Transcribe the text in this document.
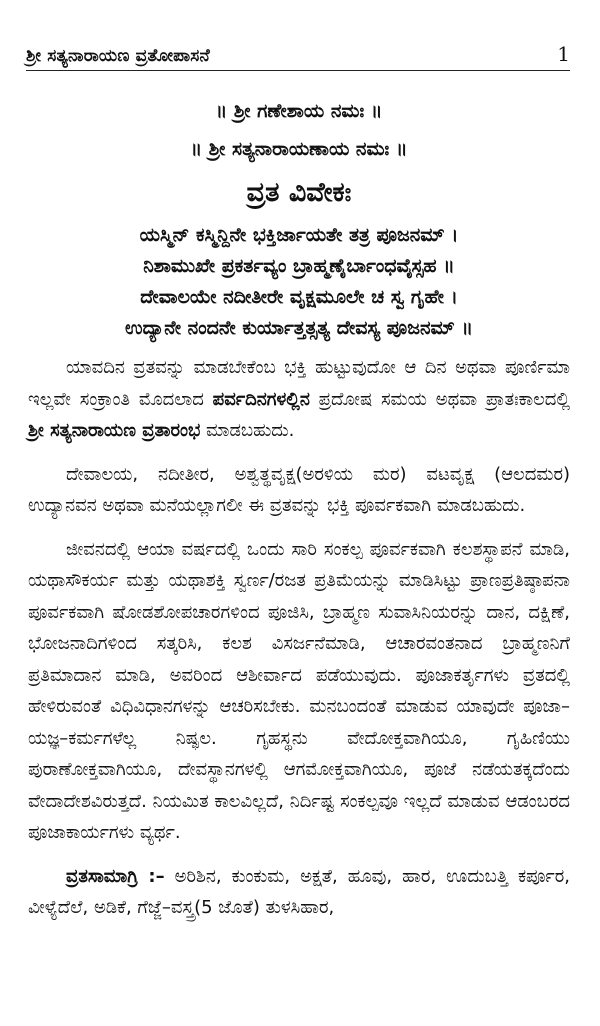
ಶ್ರೀ ಸತ್ಯನಾರಾಯಣ ವ್ರತೋಪಾಸನೆ	1
॥ ಶ್ರೀ ಗಣೇಶಾಯ ನಮಃ ॥
॥ ಶ್ರೀ ಸತ್ಯನಾರಾಯಣಾಯ ನಮಃ ॥
ವ್ರತ ವಿವೇಕಃ
ಯಸ್ಮಿನ್ ಕಸ್ಮಿನ್ದಿನೇ ಭಕ್ತಿರ್ಜಾಯತೇ ತತ್ರ ಪೂಜನಮ್ ।
ನಿಶಾಮುಖೇ ಪ್ರಕರ್ತವ್ಯಂ ಬ್ರಾಹ್ಮಣೈರ್ಬಾಂಧವೈಸ್ಸಹ ॥
ದೇವಾಲಯೇ ನದೀತೀರೇ ವೃಕ್ಷಮೂಲೇ ಚ ಸ್ವ ಗೃಹೇ ।
ಉದ್ಯಾನೇ ನಂದನೇ ಕುರ್ಯಾತ್ತತ್ಸತ್ಯ ದೇವಸ್ಯ ಪೂಜನಮ್ ॥

ಯಾವದಿನ ವ್ರತವನ್ನು ಮಾಡಬೇಕೆಂಬ ಭಕ್ತಿ ಹುಟ್ಟುವುದೋ ಆ ದಿನ ಅಥವಾ ಪೂರ್ಣಿಮಾ ಇಲ್ಲವೇ ಸಂಕ್ರಾಂತಿ ಮೊದಲಾದ ಪರ್ವದಿನಗಳಲ್ಲಿನ ಪ್ರದೋಷ ಸಮಯ ಅಥವಾ ಪ್ರಾತಃಕಾಲದಲ್ಲಿ ಶ್ರೀ ಸತ್ಯನಾರಾಯಣ ವ್ರತಾರಂಭ ಮಾಡಬಹುದು.

ದೇವಾಲಯ, ನದೀತೀರ, ಅಶ್ವತ್ಥವೃಕ್ಷ(ಅರಳಿಯ ಮರ) ವಟವೃಕ್ಷ (ಆಲದಮರ) ಉದ್ಯಾನವನ ಅಥವಾ ಮನೆಯಲ್ಲಾಗಲೀ ಈ ವ್ರತವನ್ನು ಭಕ್ತಿ ಪೂರ್ವಕವಾಗಿ ಮಾಡಬಹುದು.

ಜೀವನದಲ್ಲಿ ಆಯಾ ವರ್ಷದಲ್ಲಿ ಒಂದು ಸಾರಿ ಸಂಕಲ್ಪ ಪೂರ್ವಕವಾಗಿ ಕಲಶಸ್ಥಾಪನೆ ಮಾಡಿ, ಯಥಾಸೌಕರ್ಯ ಮತ್ತು ಯಥಾಶಕ್ತಿ ಸ್ವರ್ಣ/ರಜತ ಪ್ರತಿಮೆಯನ್ನು ಮಾಡಿಸಿಟ್ಟು ಪ್ರಾಣಪ್ರತಿಷ್ಠಾಪನಾ ಪೂರ್ವಕವಾಗಿ ಷೋಡಶೋಪಚಾರಗಳಿಂದ ಪೂಜಿಸಿ, ಬ್ರಾಹ್ಮಣ ಸುವಾಸಿನಿಯರನ್ನು ದಾನ, ದಕ್ಷಿಣೆ, ಭೋಜನಾದಿಗಳಿಂದ ಸತ್ಕರಿಸಿ, ಕಲಶ ವಿಸರ್ಜನೆಮಾಡಿ, ಆಚಾರವಂತನಾದ ಬ್ರಾಹ್ಮಣನಿಗೆ ಪ್ರತಿಮಾದಾನ ಮಾಡಿ, ಅವರಿಂದ ಆಶೀರ್ವಾದ ಪಡೆಯುವುದು. ಪೂಜಾಕರ್ತೃಗಳು ವ್ರತದಲ್ಲಿ ಹೇಳಿರುವಂತೆ ವಿಧಿವಿಧಾನಗಳನ್ನು ಆಚರಿಸಬೇಕು. ಮನಬಂದಂತೆ ಮಾಡುವ ಯಾವುದೇ ಪೂಜಾ–ಯಜ್ಞ–ಕರ್ಮಗಳೆಲ್ಲ ನಿಷ್ಫಲ. ಗೃಹಸ್ಥನು ವೇದೋಕ್ತವಾಗಿಯೂ, ಗೃಹಿಣಿಯು ಪುರಾಣೋಕ್ತವಾಗಿಯೂ, ದೇವಸ್ಥಾನಗಳಲ್ಲಿ ಆಗಮೋಕ್ತವಾಗಿಯೂ, ಪೂಜೆ ನಡೆಯತಕ್ಕದೆಂದು ವೇದಾದೇಶವಿರುತ್ತದೆ. ನಿಯಮಿತ ಕಾಲವಿಲ್ಲದೆ, ನಿರ್ದಿಷ್ಟ ಸಂಕಲ್ಪವೂ ಇಲ್ಲದೆ ಮಾಡುವ ಆಡಂಬರದ ಪೂಜಾಕಾರ್ಯಗಳು ವ್ಯರ್ಥ.

ವ್ರತಸಾಮಾಗ್ರಿ :– ಅರಿಶಿನ, ಕುಂಕುಮ, ಅಕ್ಷತೆ, ಹೂವು, ಹಾರ, ಊದುಬತ್ತಿ ಕರ್ಪೂರ, ವೀಳ್ಯೆದೆಲೆ, ಅಡಿಕೆ, ಗೆಜ್ಜೆ–ವಸ್ತ್ರ(5 ಜೊತೆ) ತುಳಸಿಹಾರ,
